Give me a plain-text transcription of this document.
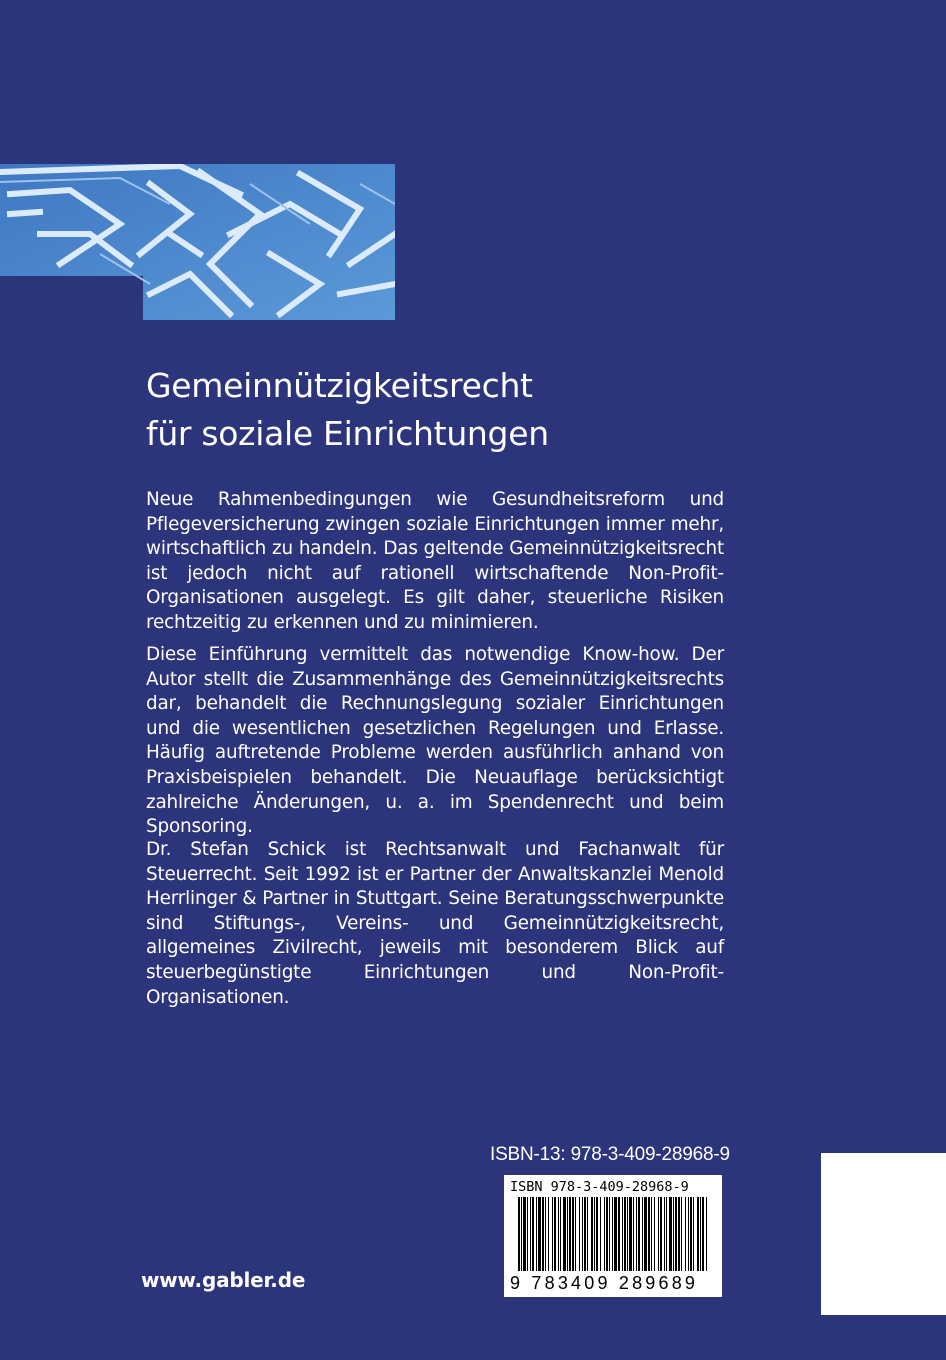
Gemeinnützigkeitsrecht
für soziale Einrichtungen

Neue Rahmenbedingungen wie Gesundheitsreform und Pflegeversicherung zwingen soziale Einrichtungen immer mehr, wirtschaftlich zu handeln. Das geltende Gemeinnützigkeitsrecht ist jedoch nicht auf rationell wirtschaftende Non-Profit-Organisationen ausgelegt. Es gilt daher, steuerliche Risiken rechtzeitig zu erkennen und zu minimieren.

Diese Einführung vermittelt das notwendige Know-how. Der Autor stellt die Zusammenhänge des Gemeinnützigkeitsrechts dar, behandelt die Rechnungslegung sozialer Einrichtungen und die wesentlichen gesetzlichen Regelungen und Erlasse. Häufig auftretende Probleme werden ausführlich anhand von Praxisbeispielen behandelt. Die Neuauflage berücksichtigt zahlreiche Änderungen, u. a. im Spendenrecht und beim Sponsoring.

Dr. Stefan Schick ist Rechtsanwalt und Fachanwalt für Steuerrecht. Seit 1992 ist er Partner der Anwaltskanzlei Menold Herrlinger & Partner in Stuttgart. Seine Beratungsschwerpunkte sind Stiftungs-, Vereins- und Gemeinnützigkeitsrecht, allgemeines Zivilrecht, jeweils mit besonderem Blick auf steuerbegünstigte Einrichtungen und Non-Profit-Organisationen.

ISBN-13: 978-3-409-28968-9
ISBN 978-3-409-28968-9
9 783409 289689
www.gabler.de
